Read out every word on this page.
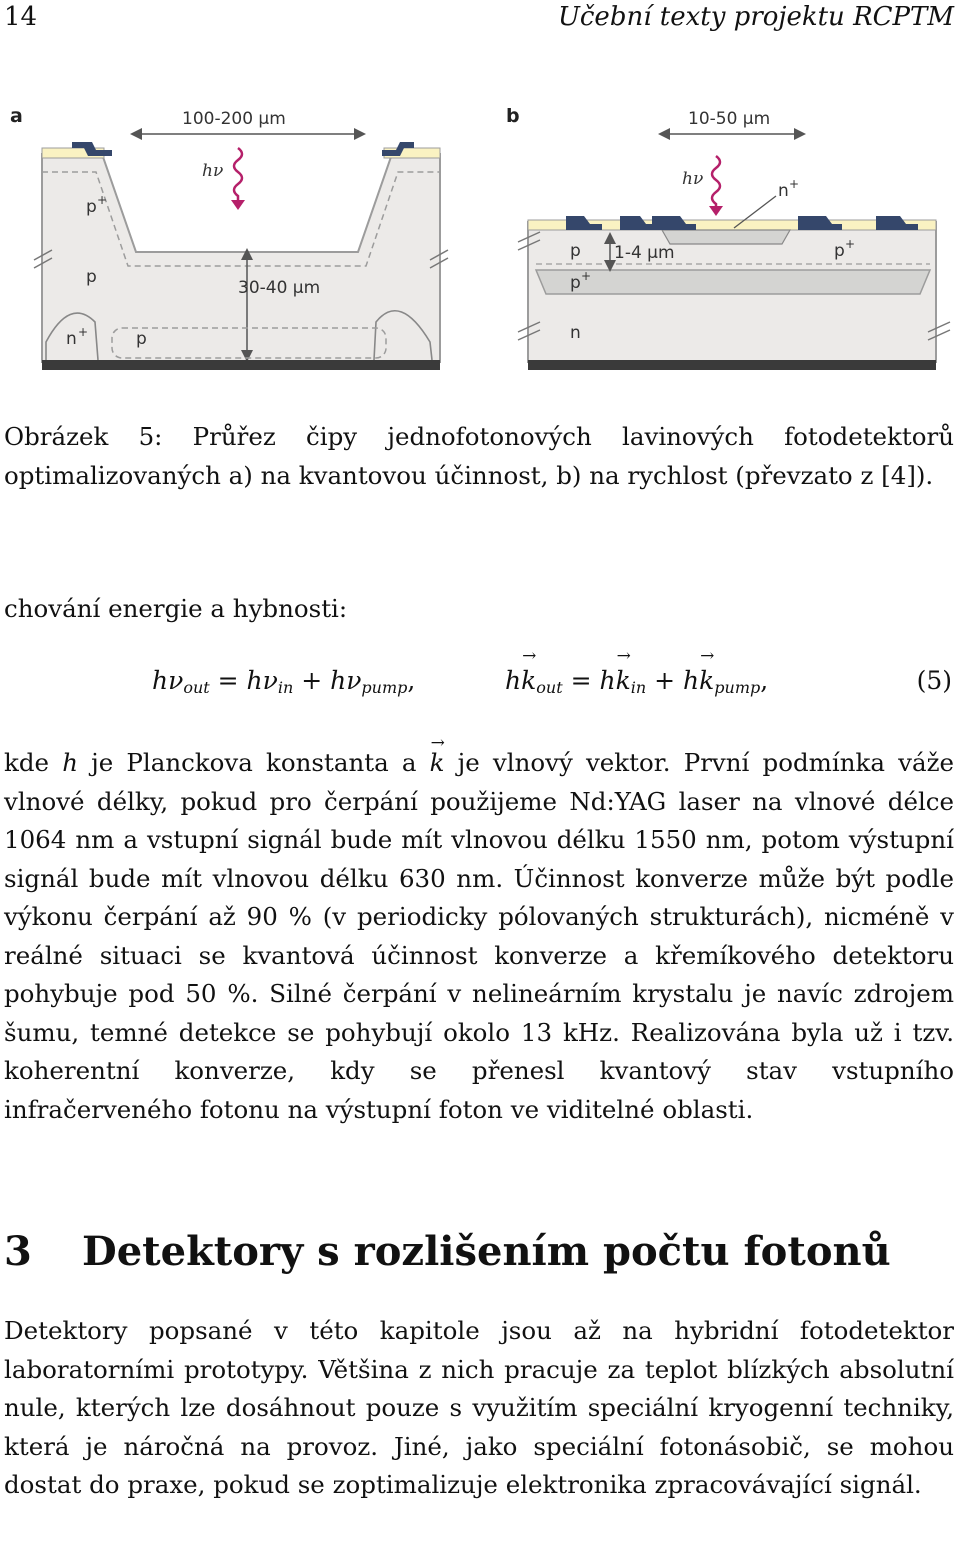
14	Učební texty projektu RCPTM
a	100-200 μm
30-40 μm
hν
p +
p
n +	p
b	10-50 μm
1-4 μm
hν
n +
p	p +
p +
n
Obrázek 5: Průřez čipy jednofotonových lavinových fotodetektorů optimalizovaných a) na kvantovou účinnost, b) na rychlost (převzato z [4]).
chování energie a hybnosti:
$h\nu_{out} = h\nu_{in} + h\nu_{pump}$,	$h\to k_{out} = h\to k_{in} + h\to k_{pump}$,	(5)
kde h je Planckova konstanta a → k je vlnový vektor. První podmínka váže vlnové délky, pokud pro čerpání použijeme Nd:YAG laser na vlnové délce 1064 nm a vstupní signál bude mít vlnovou délku 1550 nm, potom výstupní signál bude mít vlnovou délku 630 nm. Účinnost konverze může být podle výkonu čerpání až 90 % (v periodicky pólovaných strukturách), nicméně v reálné situaci se kvantová účinnost konverze a křemíkového detektoru pohybuje pod 50 %. Silné čerpání v nelineárním krystalu je navíc zdrojem šumu, temné detekce se pohybují okolo 13 kHz. Realizována byla už i tzv. koherentní konverze, kdy se přenesl kvantový stav vstupního infračerveného fotonu na výstupní foton ve viditelné oblasti.
3 Detektory s rozlišením počtu fotonů
Detektory popsané v této kapitole jsou až na hybridní fotodetektor laboratorními prototypy. Většina z nich pracuje za teplot blízkých absolutní nule, kterých lze dosáhnout pouze s využitím speciální kryogenní techniky, která je náročná na provoz. Jiné, jako speciální fotonásobič, se mohou dostat do praxe, pokud se zoptimalizuje elektronika zpracovávající signál.
